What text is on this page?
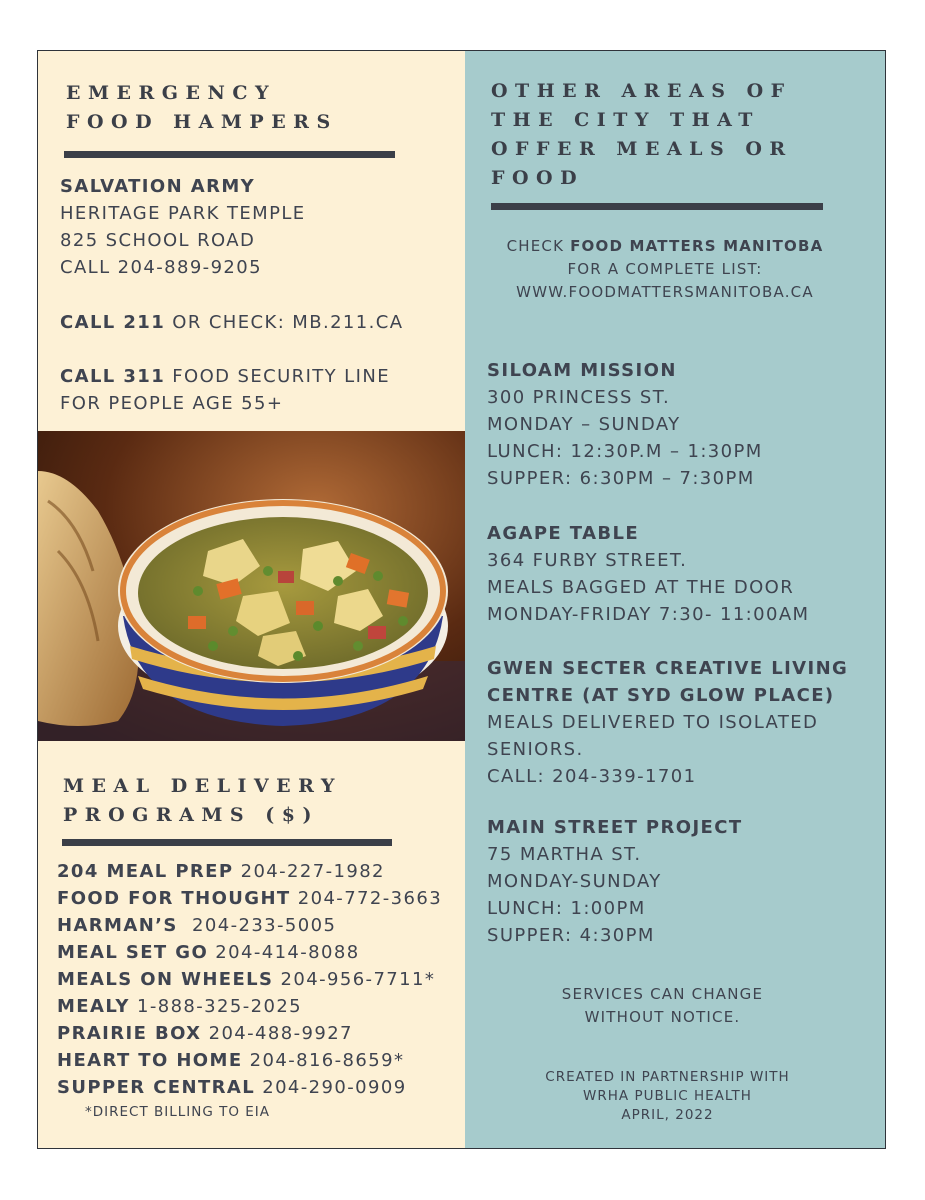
EMERGENCY
FOOD HAMPERS
SALVATION ARMY
HERITAGE PARK TEMPLE
825 SCHOOL ROAD
CALL 204-889-9205
CALL 211 OR CHECK: MB.211.CA
CALL 311 FOOD SECURITY LINE
FOR PEOPLE AGE 55+
MEAL DELIVERY
PROGRAMS ($)
204 MEAL PREP 204-227-1982
FOOD FOR THOUGHT 204-772-3663
HARMAN’S  204-233-5005
MEAL SET GO 204-414-8088
MEALS ON WHEELS 204-956-7711*
MEALY 1-888-325-2025
PRAIRIE BOX 204-488-9927
HEART TO HOME 204-816-8659*
SUPPER CENTRAL 204-290-0909
*DIRECT BILLING TO EIA
OTHER AREAS OF
THE CITY THAT
OFFER MEALS OR
FOOD
CHECK FOOD MATTERS MANITOBA
FOR A COMPLETE LIST:
WWW.FOODMATTERSMANITOBA.CA
SILOAM MISSION
300 PRINCESS ST.
MONDAY – SUNDAY
LUNCH: 12:30P.M – 1:30PM
SUPPER: 6:30PM – 7:30PM
AGAPE TABLE
364 FURBY STREET.
MEALS BAGGED AT THE DOOR
MONDAY-FRIDAY 7:30- 11:00AM
GWEN SECTER CREATIVE LIVING
CENTRE (AT SYD GLOW PLACE)
MEALS DELIVERED TO ISOLATED
SENIORS.
CALL: 204-339-1701
MAIN STREET PROJECT
75 MARTHA ST.
MONDAY-SUNDAY
LUNCH: 1:00PM
SUPPER: 4:30PM
SERVICES CAN CHANGE
WITHOUT NOTICE.
CREATED IN PARTNERSHIP WITH
WRHA PUBLIC HEALTH
APRIL, 2022
